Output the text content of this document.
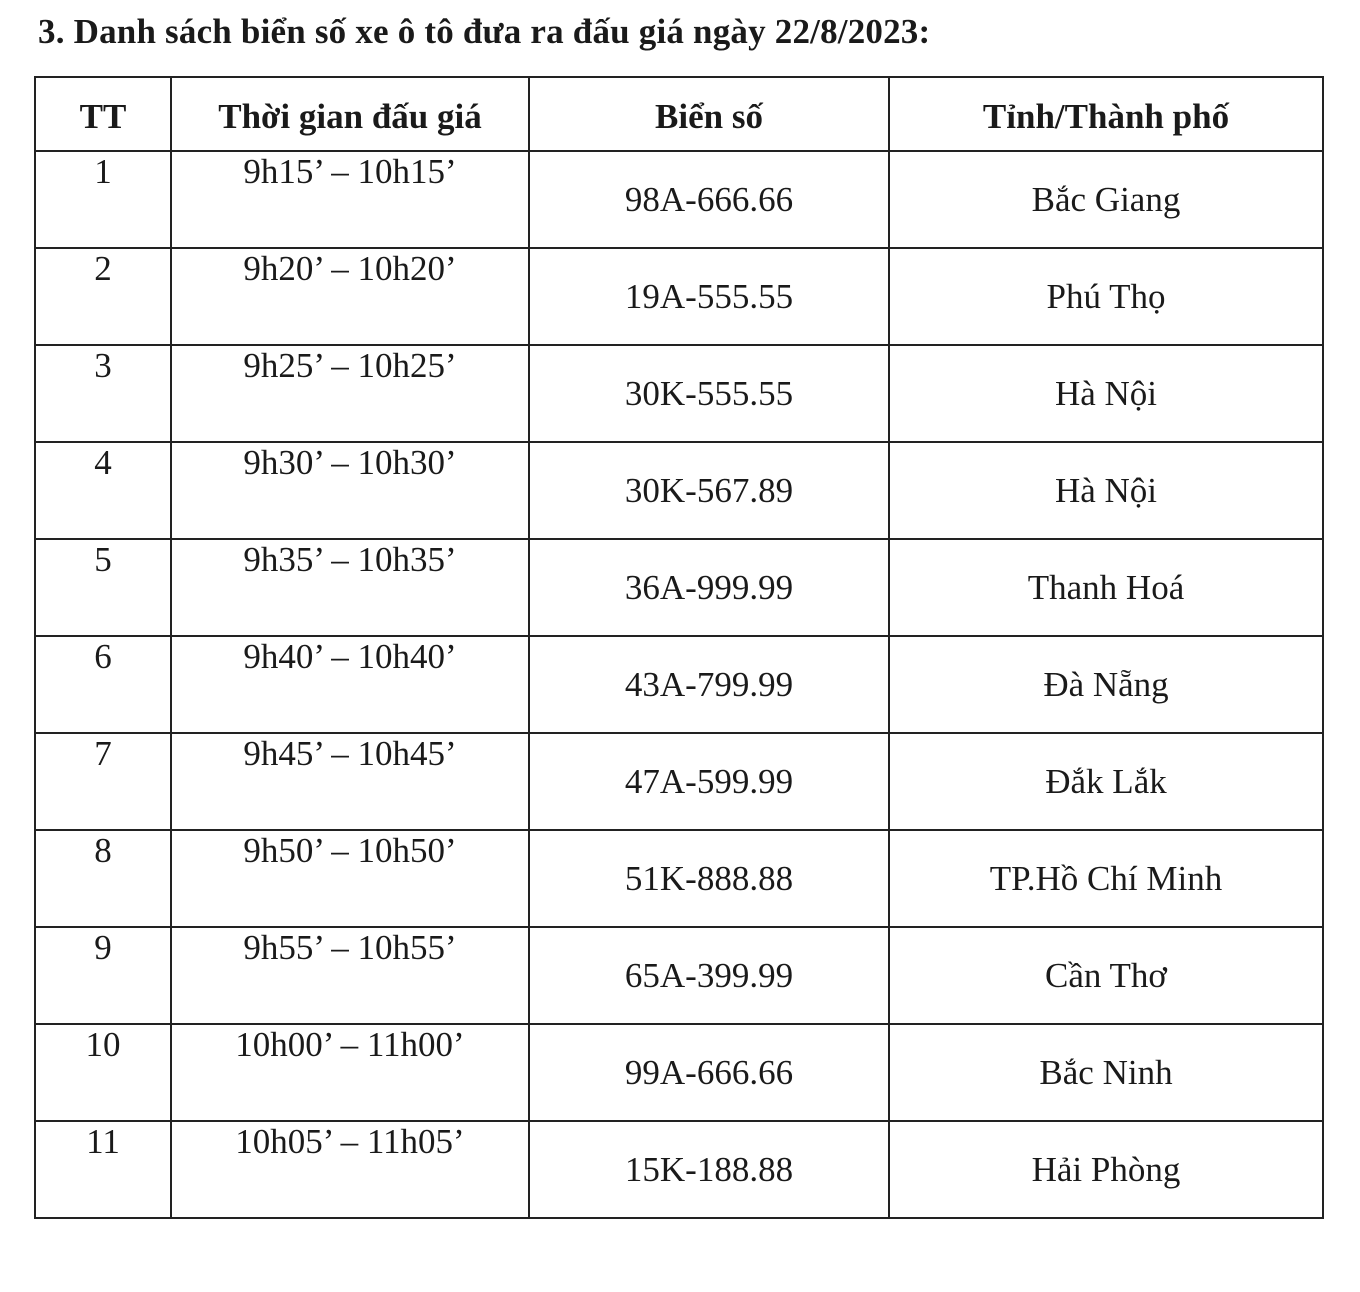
3. Danh sách biển số xe ô tô đưa ra đấu giá ngày 22/8/2023:
TT	Thời gian đấu giá	Biển số	Tỉnh/Thành phố
1	9h15’ – 10h15’	98A-666.66	Bắc Giang
2	9h20’ – 10h20’	19A-555.55	Phú Thọ
3	9h25’ – 10h25’	30K-555.55	Hà Nội
4	9h30’ – 10h30’	30K-567.89	Hà Nội
5	9h35’ – 10h35’	36A-999.99	Thanh Hoá
6	9h40’ – 10h40’	43A-799.99	Đà Nẵng
7	9h45’ – 10h45’	47A-599.99	Đắk Lắk
8	9h50’ – 10h50’	51K-888.88	TP.Hồ Chí Minh
9	9h55’ – 10h55’	65A-399.99	Cần Thơ
10	10h00’ – 11h00’	99A-666.66	Bắc Ninh
11	10h05’ – 11h05’	15K-188.88	Hải Phòng
